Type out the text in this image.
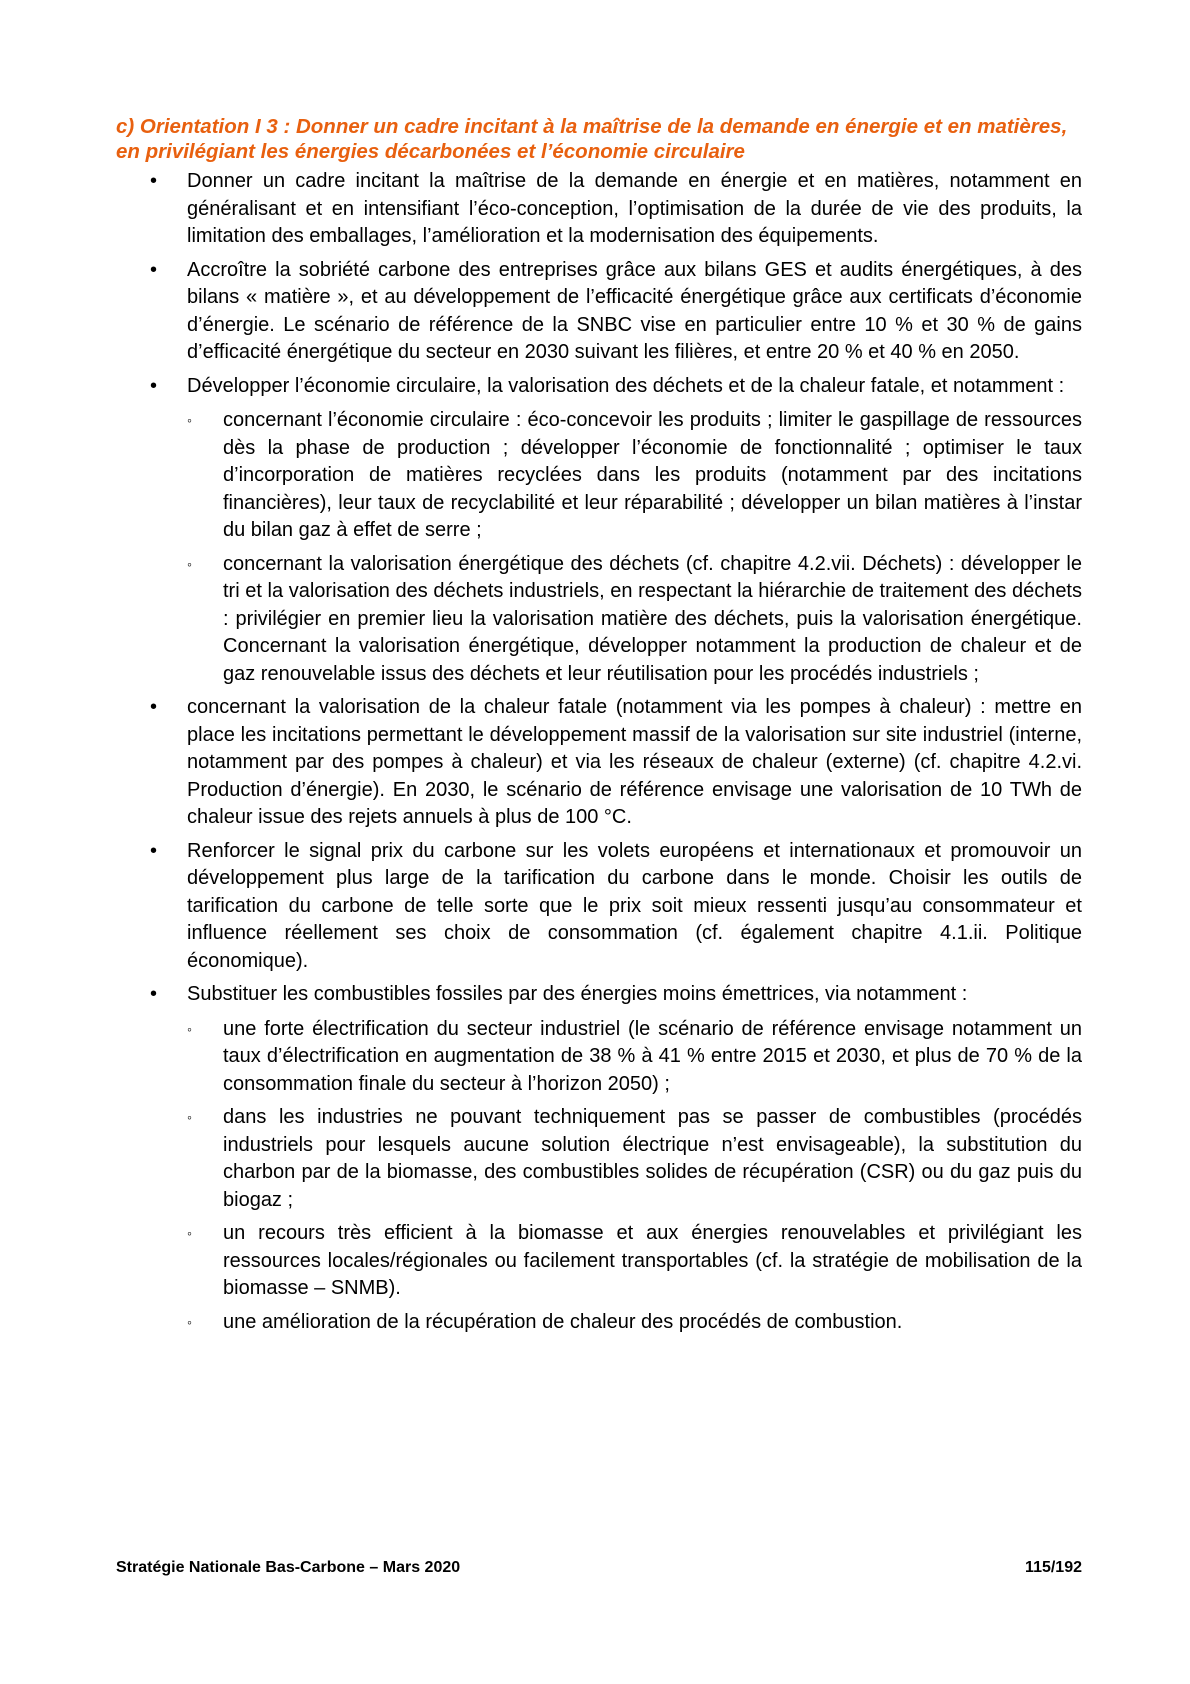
c) Orientation I 3 : Donner un cadre incitant à la maîtrise de la demande en énergie et en matières, en privilégiant les énergies décarbonées et l’économie circulaire

• Donner un cadre incitant la maîtrise de la demande en énergie et en matières, notamment en généralisant et en intensifiant l’éco-conception, l’optimisation de la durée de vie des produits, la limitation des emballages, l’amélioration et la modernisation des équipements.
• Accroître la sobriété carbone des entreprises grâce aux bilans GES et audits énergétiques, à des bilans « matière », et au développement de l’efficacité énergétique grâce aux certificats d’économie d’énergie. Le scénario de référence de la SNBC vise en particulier entre 10 % et 30 % de gains d’efficacité énergétique du secteur en 2030 suivant les filières, et entre 20 % et 40 % en 2050.
• Développer l’économie circulaire, la valorisation des déchets et de la chaleur fatale, et notamment :
◦ concernant l’économie circulaire : éco-concevoir les produits ; limiter le gaspillage de ressources dès la phase de production ; développer l’économie de fonctionnalité ; optimiser le taux d’incorporation de matières recyclées dans les produits (notamment par des incitations financières), leur taux de recyclabilité et leur réparabilité ; développer un bilan matières à l’instar du bilan gaz à effet de serre ;
◦ concernant la valorisation énergétique des déchets (cf. chapitre 4.2.vii. Déchets) : développer le tri et la valorisation des déchets industriels, en respectant la hiérarchie de traitement des déchets : privilégier en premier lieu la valorisation matière des déchets, puis la valorisation énergétique. Concernant la valorisation énergétique, développer notamment la production de chaleur et de gaz renouvelable issus des déchets et leur réutilisation pour les procédés industriels ;
• concernant la valorisation de la chaleur fatale (notamment via les pompes à chaleur) : mettre en place les incitations permettant le développement massif de la valorisation sur site industriel (interne, notamment par des pompes à chaleur) et via les réseaux de chaleur (externe) (cf. chapitre 4.2.vi. Production d’énergie). En 2030, le scénario de référence envisage une valorisation de 10 TWh de chaleur issue des rejets annuels à plus de 100 °C.
• Renforcer le signal prix du carbone sur les volets européens et internationaux et promouvoir un développement plus large de la tarification du carbone dans le monde. Choisir les outils de tarification du carbone de telle sorte que le prix soit mieux ressenti jusqu’au consommateur et influence réellement ses choix de consommation (cf. également chapitre 4.1.ii. Politique économique).
• Substituer les combustibles fossiles par des énergies moins émettrices, via notamment :
◦ une forte électrification du secteur industriel (le scénario de référence envisage notamment un taux d’électrification en augmentation de 38 % à 41 % entre 2015 et 2030, et plus de 70 % de la consommation finale du secteur à l’horizon 2050) ;
◦ dans les industries ne pouvant techniquement pas se passer de combustibles (procédés industriels pour lesquels aucune solution électrique n’est envisageable), la substitution du charbon par de la biomasse, des combustibles solides de récupération (CSR) ou du gaz puis du biogaz ;
◦ un recours très efficient à la biomasse et aux énergies renouvelables et privilégiant les ressources locales/régionales ou facilement transportables (cf. la stratégie de mobilisation de la biomasse – SNMB).
◦ une amélioration de la récupération de chaleur des procédés de combustion.
Stratégie Nationale Bas-Carbone – Mars 2020	115/192
